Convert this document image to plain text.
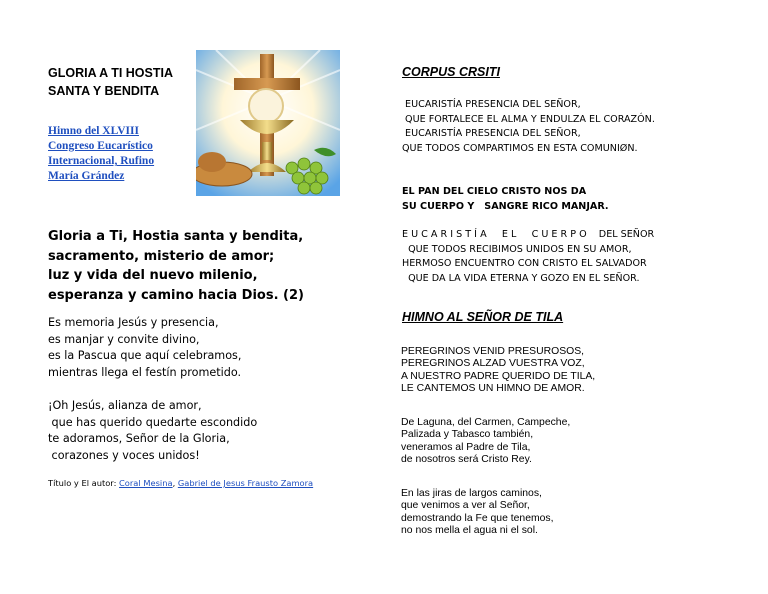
GLORIA A TI HOSTIA
SANTA Y BENDITA
Himno del XLVIII
Congreso Eucarístico
Internacional, Rufino
María Grández
Gloria a Ti, Hostia santa y bendita,
sacramento, misterio de amor;
luz y vida del nuevo milenio,
esperanza y camino hacia Dios. (2)
Es memoria Jesús y presencia,
es manjar y convite divino,
es la Pascua que aquí celebramos,
mientras llega el festín prometido.
¡Oh Jesús, alianza de amor,
que has querido quedarte escondido
te adoramos, Señor de la Gloria,
corazones y voces unidos!
Título y El autor: Coral Mesina, Gabriel de Jesus Frausto Zamora
CORPUS CRSITI
EUCARISTÍA PRESENCIA DEL SEÑOR,
QUE FORTALECE EL ALMA Y ENDULZA EL CORAZÓN.
EUCARISTÍA PRESENCIA DEL SEÑOR,
QUE TODOS COMPARTIMOS EN ESTA COMUNIØN.
EL PAN DEL CIELO CRISTO NOS DA
SU CUERPO Y   SANGRE RICO MANJAR.
E U C A R I S T Í A     E L     C U E R P O    DEL SEÑOR
QUE TODOS RECIBIMOS UNIDOS EN SU AMOR,
HERMOSO ENCUENTRO CON CRISTO EL SALVADOR
QUE DA LA VIDA ETERNA Y GOZO EN EL SEÑOR.
HIMNO AL SEÑOR DE TILA
PEREGRINOS VENID PRESUROSOS,
PEREGRINOS ALZAD VUESTRA VOZ,
A NUESTRO PADRE QUERIDO DE TILA,
LE CANTEMOS UN HIMNO DE AMOR.
De Laguna, del Carmen, Campeche,
Palizada y Tabasco también,
veneramos al Padre de Tila,
de nosotros será Cristo Rey.
En las jiras de largos caminos,
que venimos a ver al Señor,
demostrando la Fe que tenemos,
no nos mella el agua ni el sol.
